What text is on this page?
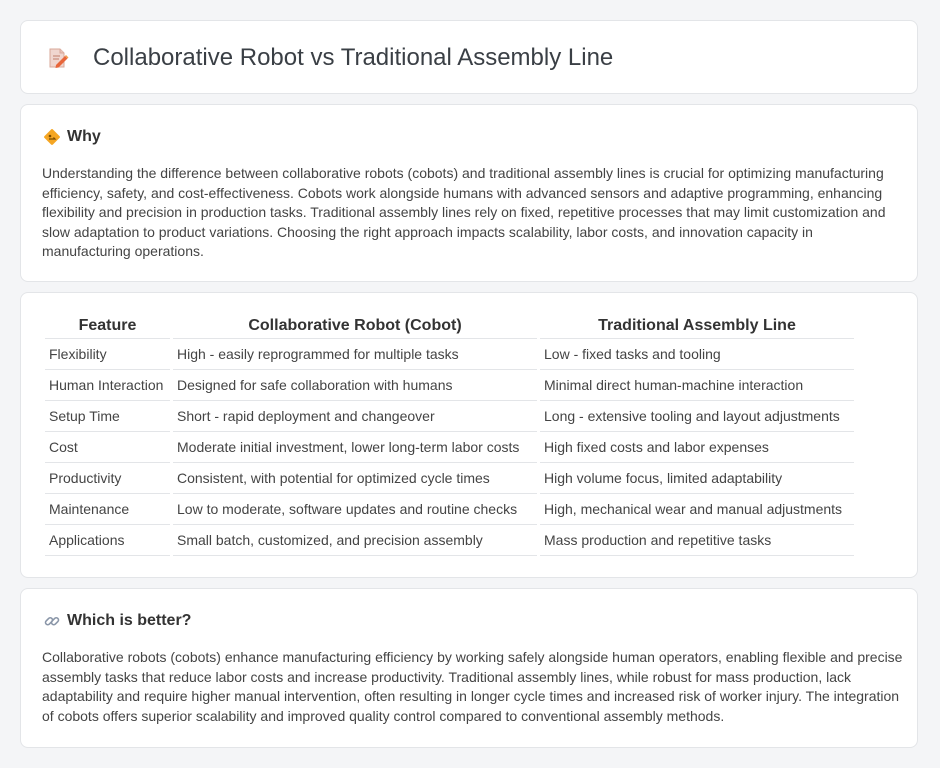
Collaborative Robot vs Traditional Assembly Line
Why

Understanding the difference between collaborative robots (cobots) and traditional assembly lines is crucial for optimizing manufacturing efficiency, safety, and cost-effectiveness. Cobots work alongside humans with advanced sensors and adaptive programming, enhancing flexibility and precision in production tasks. Traditional assembly lines rely on fixed, repetitive processes that may limit customization and slow adaptation to product variations. Choosing the right approach impacts scalability, labor costs, and innovation capacity in manufacturing operations.

Feature	Collaborative Robot (Cobot)	Traditional Assembly Line
Flexibility	High - easily reprogrammed for multiple tasks	Low - fixed tasks and tooling
Human Interaction	Designed for safe collaboration with humans	Minimal direct human-machine interaction
Setup Time	Short - rapid deployment and changeover	Long - extensive tooling and layout adjustments
Cost	Moderate initial investment, lower long-term labor costs	High fixed costs and labor expenses
Productivity	Consistent, with potential for optimized cycle times	High volume focus, limited adaptability
Maintenance	Low to moderate, software updates and routine checks	High, mechanical wear and manual adjustments
Applications	Small batch, customized, and precision assembly	Mass production and repetitive tasks
Which is better?

Collaborative robots (cobots) enhance manufacturing efficiency by working safely alongside human operators, enabling flexible and precise assembly tasks that reduce labor costs and increase productivity. Traditional assembly lines, while robust for mass production, lack adaptability and require higher manual intervention, often resulting in longer cycle times and increased risk of worker injury. The integration of cobots offers superior scalability and improved quality control compared to conventional assembly methods.
